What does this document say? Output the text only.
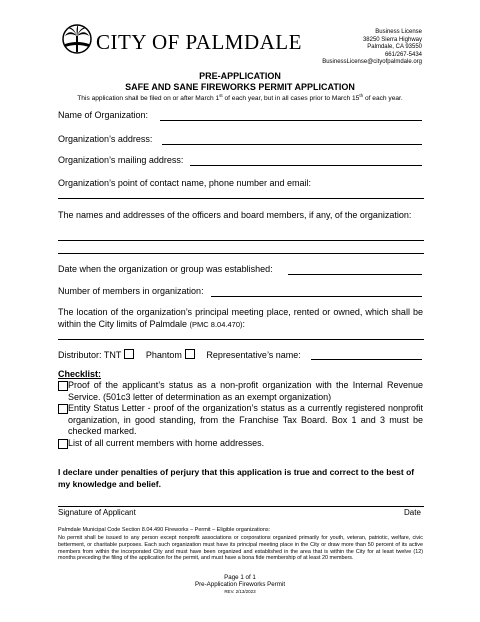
CITY OF PALMDALE	Business License
38250 Sierra Highway
Palmdale, CA 93550
661/267-5434
BusinessLicense@cityofpalmdale.org
PRE-APPLICATION
SAFE AND SANE FIREWORKS PERMIT APPLICATION
This application shall be filed on or after March 1st of each year, but in all cases prior to March 15th of each year.
Name of Organization:
Organization’s address:
Organization’s mailing address:
Organization’s point of contact name, phone number and email:
The names and addresses of the officers and board members, if any, of the organization:
Date when the organization or group was established:
Number of members in organization:
The location of the organization’s principal meeting place, rented or owned, which shall be within the City limits of Palmdale (PMC 8.04.470):
Distributor: TNT	Phantom	Representative’s name:
Checklist:
Proof of the applicant’s status as a non-profit organization with the Internal Revenue Service. (501c3 letter of determination as an exempt organization)
Entity Status Letter - proof of the organization’s status as a currently registered nonprofit organization, in good standing, from the Franchise Tax Board. Box 1 and 3 must be checked marked.
List of all current members with home addresses.
I declare under penalties of perjury that this application is true and correct to the best of my knowledge and belief.
Signature of Applicant	Date
Palmdale Municipal Code Section 8.04.490 Fireworks – Permit – Eligible organizations:
No permit shall be issued to any person except nonprofit associations or corporations organized primarily for youth, veteran, patriotic, welfare, civic betterment, or charitable purposes. Each such organization must have its principal meeting place in the City or draw more than 50 percent of its active members from within the incorporated City and must have been organized and established in the area that is within the City for at least twelve (12) months preceding the filing of the application for the permit, and must have a bona fide membership of at least 20 members.
Page 1 of 1
Pre-Application Fireworks Permit
REV. 2/13/2023
